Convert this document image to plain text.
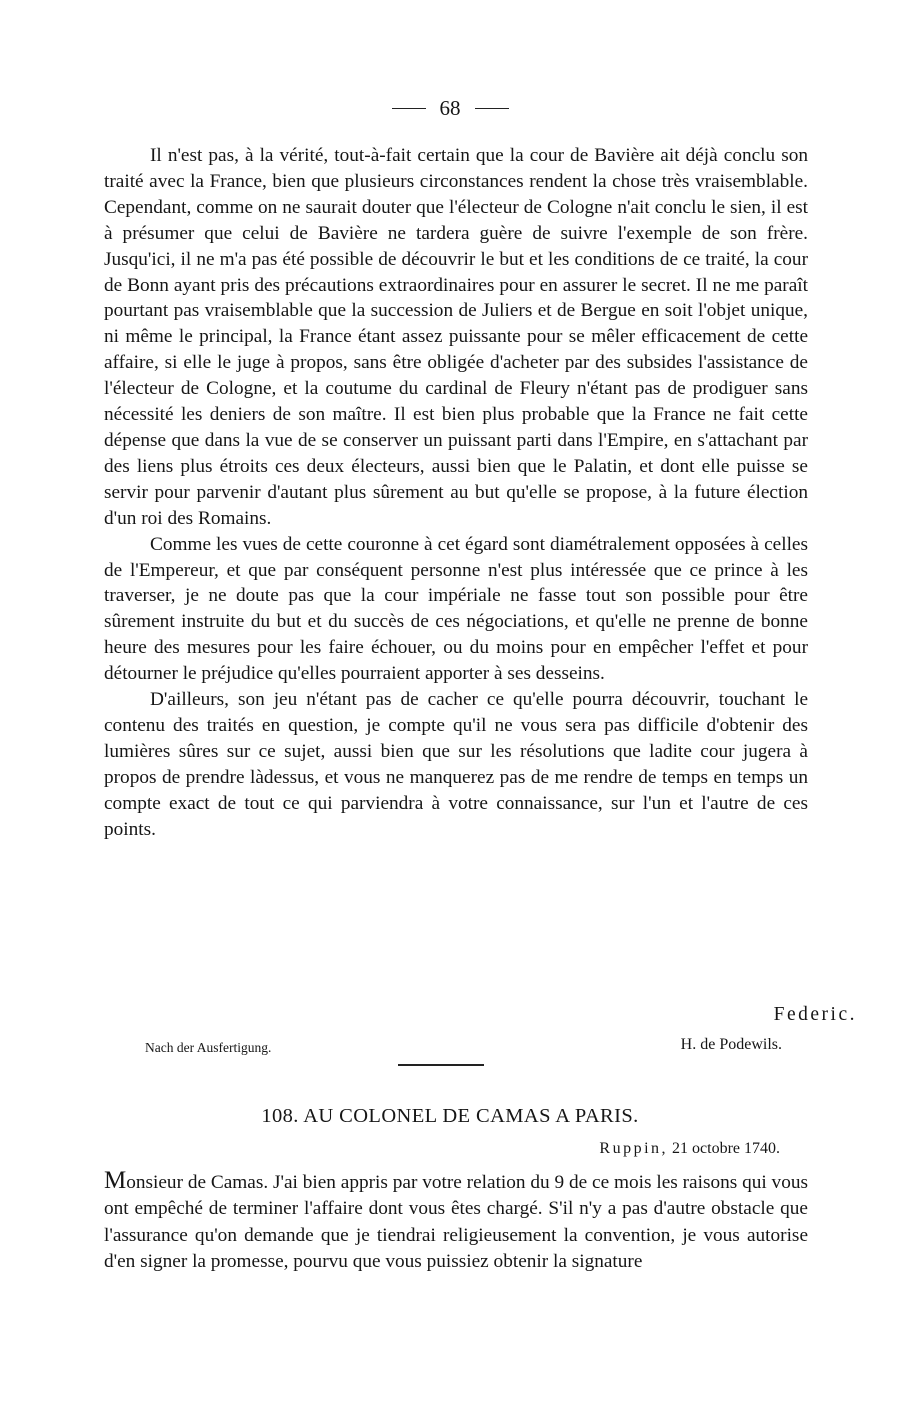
68

Il n'est pas, à la vérité, tout-à-fait certain que la cour de Bavière ait déjà conclu son traité avec la France, bien que plusieurs circonstances rendent la chose très vraisemblable. Cependant, comme on ne saurait douter que l'électeur de Cologne n'ait conclu le sien, il est à présumer que celui de Bavière ne tardera guère de suivre l'exemple de son frère. Jusqu'ici, il ne m'a pas été possible de découvrir le but et les conditions de ce traité, la cour de Bonn ayant pris des précautions extraordinaires pour en assurer le secret. Il ne me paraît pourtant pas vraisemblable que la succession de Juliers et de Bergue en soit l'objet unique, ni même le principal, la France étant assez puissante pour se mêler efficacement de cette affaire, si elle le juge à propos, sans être obligée d'acheter par des subsides l'assistance de l'électeur de Cologne, et la coutume du cardinal de Fleury n'étant pas de prodiguer sans nécessité les deniers de son maître. Il est bien plus probable que la France ne fait cette dépense que dans la vue de se conserver un puissant parti dans l'Empire, en s'attachant par des liens plus étroits ces deux électeurs, aussi bien que le Palatin, et dont elle puisse se servir pour parvenir d'autant plus sûrement au but qu'elle se propose, à la future élection d'un roi des Romains.

Comme les vues de cette couronne à cet égard sont diamétralement opposées à celles de l'Empereur, et que par conséquent personne n'est plus intéressée que ce prince à les traverser, je ne doute pas que la cour impériale ne fasse tout son possible pour être sûrement instruite du but et du succès de ces négociations, et qu'elle ne prenne de bonne heure des mesures pour les faire échouer, ou du moins pour en empêcher l'effet et pour détourner le préjudice qu'elles pourraient apporter à ses desseins.

D'ailleurs, son jeu n'étant pas de cacher ce qu'elle pourra découvrir, touchant le contenu des traités en question, je compte qu'il ne vous sera pas difficile d'obtenir des lumières sûres sur ce sujet, aussi bien que sur les résolutions que ladite cour jugera à propos de prendre làdessus, et vous ne manquerez pas de me rendre de temps en temps un compte exact de tout ce qui parviendra à votre connaissance, sur l'un et l'autre de ces points.

Federic.
Nach der Ausfertigung.	H. de Podewils.
108. AU COLONEL DE CAMAS A PARIS.
Ruppin, 21 octobre 1740.

Monsieur de Camas. J'ai bien appris par votre relation du 9 de ce mois les raisons qui vous ont empêché de terminer l'affaire dont vous êtes chargé. S'il n'y a pas d'autre obstacle que l'assurance qu'on demande que je tiendrai religieusement la convention, je vous autorise d'en signer la promesse, pourvu que vous puissiez obtenir la signature
